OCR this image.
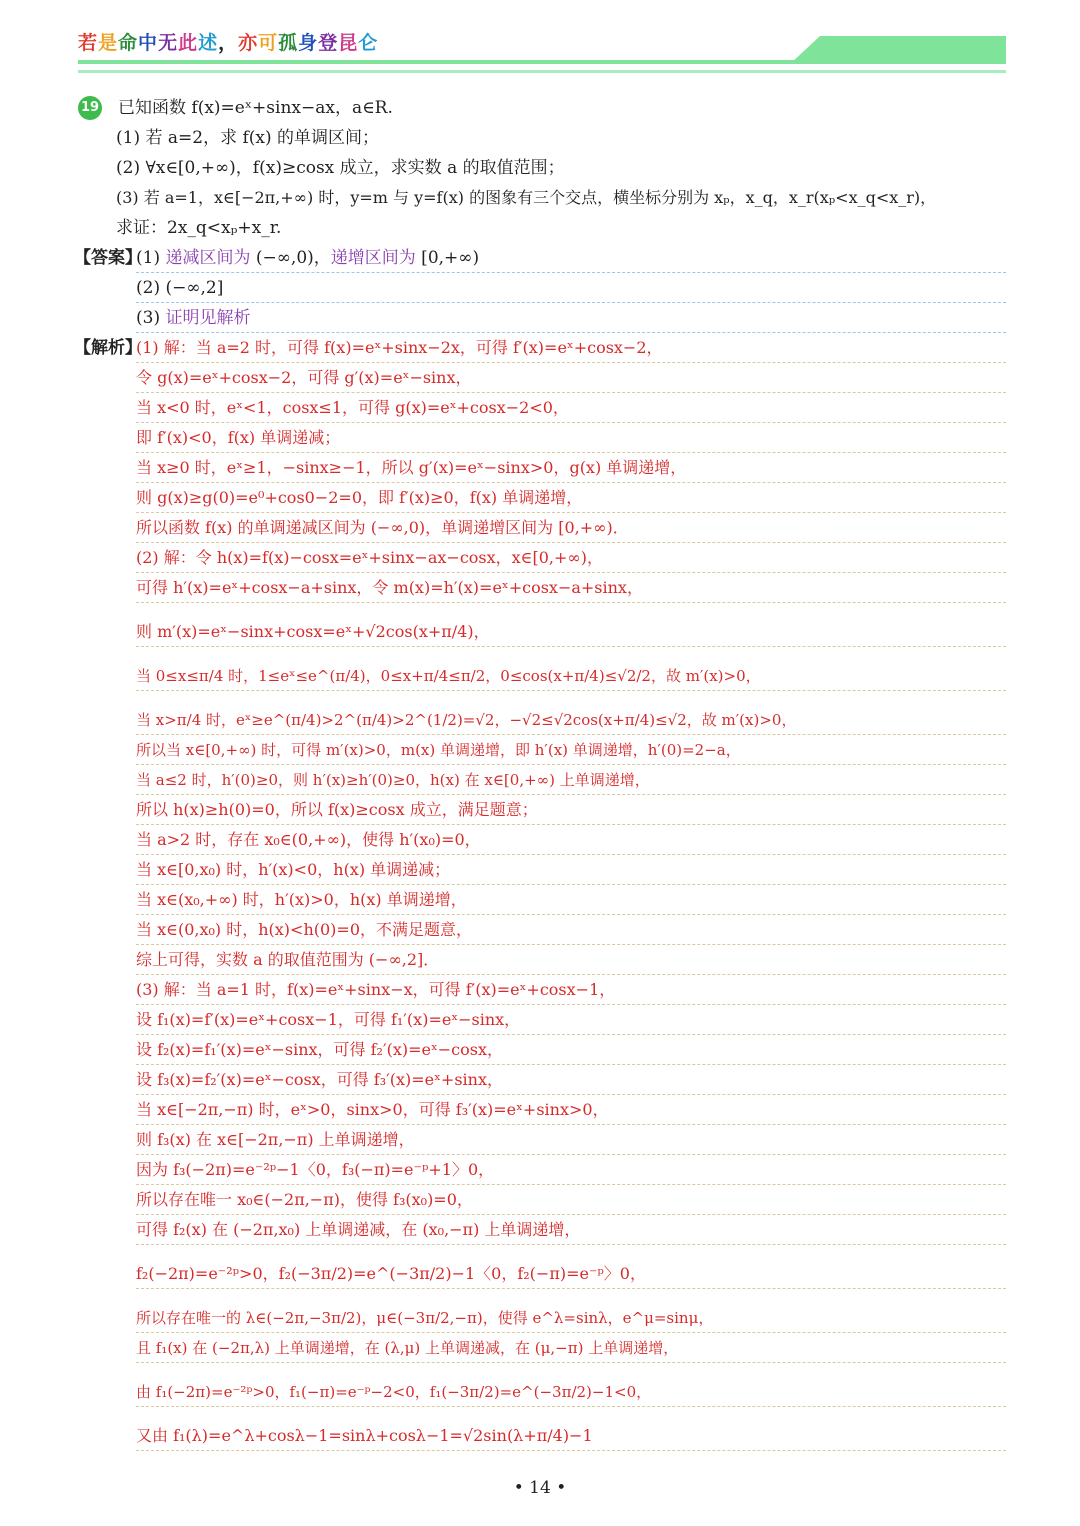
若是命中无此述，亦可孤身登昆仑
19 已知函数 f(x)=eˣ+sinx−ax，a∈R.
(1) 若 a=2，求 f(x) 的单调区间；
(2) ∀x∈[0,+∞)，f(x)≥cosx 成立，求实数 a 的取值范围；
(3) 若 a=1，x∈[−2π,+∞) 时，y=m 与 y=f(x) 的图象有三个交点，横坐标分别为 xₚ，x_q，x_r(xₚ<x_q<x_r)，
求证：2x_q<xₚ+x_r.
【答案】
(1) 递减区间为 (−∞,0)，递增区间为 [0,+∞)
(2) (−∞,2]
(3) 证明见解析
【解析】
(1) 解：当 a=2 时，可得 f(x)=eˣ+sinx−2x，可得 f′(x)=eˣ+cosx−2，
令 g(x)=eˣ+cosx−2，可得 g′(x)=eˣ−sinx，
当 x<0 时，eˣ<1，cosx≤1，可得 g(x)=eˣ+cosx−2<0，
即 f′(x)<0，f(x) 单调递减；
当 x≥0 时，eˣ≥1，−sinx≥−1，所以 g′(x)=eˣ−sinx>0，g(x) 单调递增，
则 g(x)≥g(0)=e⁰+cos0−2=0，即 f′(x)≥0，f(x) 单调递增，
所以函数 f(x) 的单调递减区间为 (−∞,0)，单调递增区间为 [0,+∞)．
(2) 解：令 h(x)=f(x)−cosx=eˣ+sinx−ax−cosx，x∈[0,+∞)，
可得 h′(x)=eˣ+cosx−a+sinx，令 m(x)=h′(x)=eˣ+cosx−a+sinx，
则 m′(x)=eˣ−sinx+cosx=eˣ+√2cos(x+π/4)，
当 0≤x≤π/4 时，1≤eˣ≤e^(π/4)，0≤x+π/4≤π/2，0≤cos(x+π/4)≤√2/2，故 m′(x)>0，
当 x>π/4 时，eˣ≥e^(π/4)>2^(π/4)>2^(1/2)=√2，−√2≤√2cos(x+π/4)≤√2，故 m′(x)>0，
所以当 x∈[0,+∞) 时，可得 m′(x)>0，m(x) 单调递增，即 h′(x) 单调递增，h′(0)=2−a，
当 a≤2 时，h′(0)≥0，则 h′(x)≥h′(0)≥0，h(x) 在 x∈[0,+∞) 上单调递增，
所以 h(x)≥h(0)=0，所以 f(x)≥cosx 成立，满足题意；
当 a>2 时，存在 x₀∈(0,+∞)，使得 h′(x₀)=0，
当 x∈[0,x₀) 时，h′(x)<0，h(x) 单调递减；
当 x∈(x₀,+∞) 时，h′(x)>0，h(x) 单调递增，
当 x∈(0,x₀) 时，h(x)<h(0)=0，不满足题意，
综上可得，实数 a 的取值范围为 (−∞,2]．
(3) 解：当 a=1 时，f(x)=eˣ+sinx−x，可得 f′(x)=eˣ+cosx−1，
设 f₁(x)=f′(x)=eˣ+cosx−1，可得 f₁′(x)=eˣ−sinx，
设 f₂(x)=f₁′(x)=eˣ−sinx，可得 f₂′(x)=eˣ−cosx，
设 f₃(x)=f₂′(x)=eˣ−cosx，可得 f₃′(x)=eˣ+sinx，
当 x∈[−2π,−π) 时，eˣ>0，sinx>0，可得 f₃′(x)=eˣ+sinx>0，
则 f₃(x) 在 x∈[−2π,−π) 上单调递增，
因为 f₃(−2π)=e⁻²ᵖ−1〈0，f₃(−π)=e⁻ᵖ+1〉0，
所以存在唯一 x₀∈(−2π,−π)，使得 f₃(x₀)=0，
可得 f₂(x) 在 (−2π,x₀) 上单调递减，在 (x₀,−π) 上单调递增，
f₂(−2π)=e⁻²ᵖ>0，f₂(−3π/2)=e^(−3π/2)−1〈0，f₂(−π)=e⁻ᵖ〉0，
所以存在唯一的 λ∈(−2π,−3π/2)，μ∈(−3π/2,−π)，使得 e^λ=sinλ，e^μ=sinμ，
且 f₁(x) 在 (−2π,λ) 上单调递增，在 (λ,μ) 上单调递减，在 (μ,−π) 上单调递增，
由 f₁(−2π)=e⁻²ᵖ>0，f₁(−π)=e⁻ᵖ−2<0，f₁(−3π/2)=e^(−3π/2)−1<0，
又由 f₁(λ)=e^λ+cosλ−1=sinλ+cosλ−1=√2sin(λ+π/4)−1
• 14 •
